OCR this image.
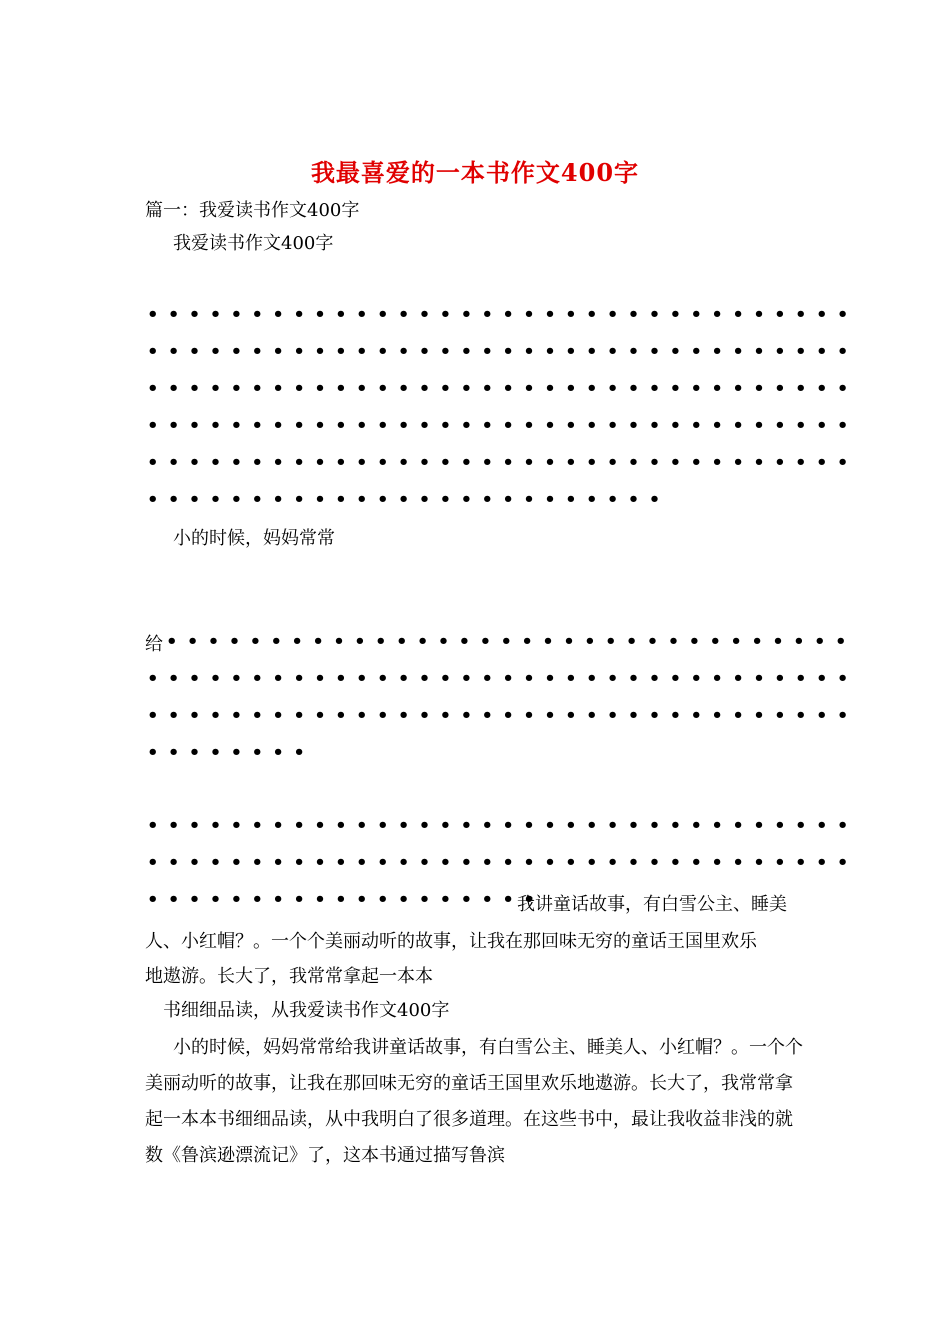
我最喜爱的一本书作文400字
篇一：我爱读书作文400字
我爱读书作文400字
••••••••••••••••••••••••••••••••••
••••••••••••••••••••••••••••••••••
••••••••••••••••••••••••••••••••••
••••••••••••••••••••••••••••••••••
••••••••••••••••••••••••••••••••••
•••••••••••••••••••••••••
小的时候，妈妈常常
给 •••••••••••••••••••••••••••••••••
••••••••••••••••••••••••••••••••••
••••••••••••••••••••••••••••••••••
••••••••
••••••••••••••••••••••••••••••••••
••••••••••••••••••••••••••••••••••
•••••••••••••••••••
我讲童话故事，有白雪公主、睡美
人、小红帽？。一个个美丽动听的故事，让我在那回味无穷的童话王国里欢乐
地遨游。长大了，我常常拿起一本本
书细细品读，从我爱读书作文400字
小的时候，妈妈常常给我讲童话故事，有白雪公主、睡美人、小红帽？。一个个美丽动听的故事，让我在那回味无穷的童话王国里欢乐地遨游。长大了，我常常拿起一本本书细细品读，从中我明白了很多道理。在这些书中，最让我收益非浅的就数《鲁滨逊漂流记》了，这本书通过描写鲁滨
